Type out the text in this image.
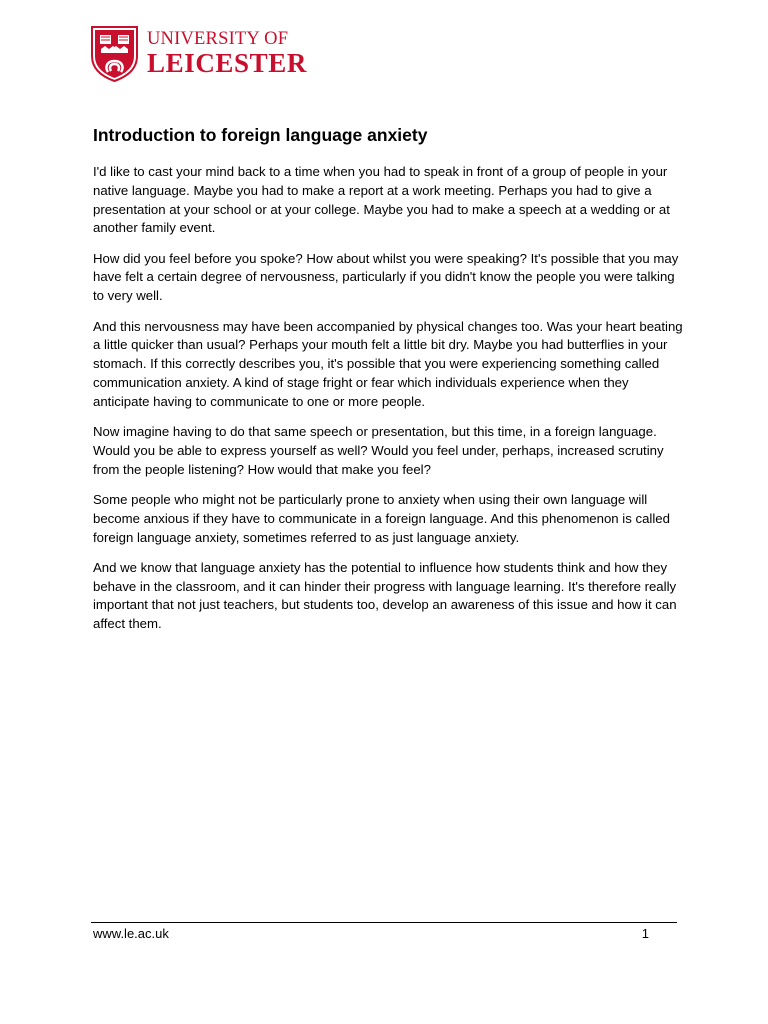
UNIVERSITY OF
LEICESTER
Introduction to foreign language anxiety

I'd like to cast your mind back to a time when you had to speak in front of a group of people in your native language. Maybe you had to make a report at a work meeting. Perhaps you had to give a presentation at your school or at your college. Maybe you had to make a speech at a wedding or at another family event.

How did you feel before you spoke? How about whilst you were speaking? It's possible that you may have felt a certain degree of nervousness, particularly if you didn't know the people you were talking to very well.

And this nervousness may have been accompanied by physical changes too. Was your heart beating a little quicker than usual? Perhaps your mouth felt a little bit dry. Maybe you had butterflies in your stomach. If this correctly describes you, it's possible that you were experiencing something called communication anxiety. A kind of stage fright or fear which individuals experience when they anticipate having to communicate to one or more people.

Now imagine having to do that same speech or presentation, but this time, in a foreign language. Would you be able to express yourself as well? Would you feel under, perhaps, increased scrutiny from the people listening? How would that make you feel?

Some people who might not be particularly prone to anxiety when using their own language will become anxious if they have to communicate in a foreign language. And this phenomenon is called foreign language anxiety, sometimes referred to as just language anxiety.

And we know that language anxiety has the potential to influence how students think and how they behave in the classroom, and it can hinder their progress with language learning. It's therefore really important that not just teachers, but students too, develop an awareness of this issue and how it can affect them.

www.le.ac.uk	1
